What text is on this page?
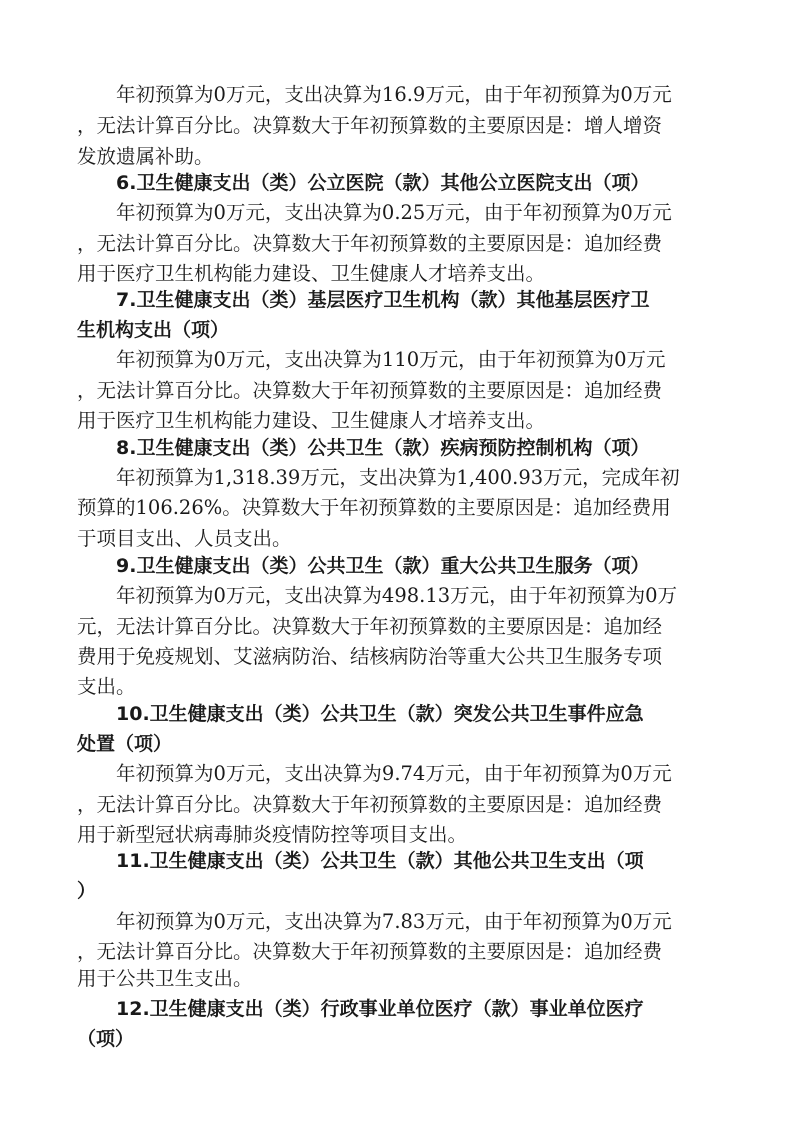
年初预算为0万元，支出决算为16.9万元，由于年初预算为0万元
，无法计算百分比。决算数大于年初预算数的主要原因是：增人增资
发放遗属补助。
6.卫生健康支出（类）公立医院（款）其他公立医院支出（项）
年初预算为0万元，支出决算为0.25万元，由于年初预算为0万元
，无法计算百分比。决算数大于年初预算数的主要原因是：追加经费
用于医疗卫生机构能力建设、卫生健康人才培养支出。
7.卫生健康支出（类）基层医疗卫生机构（款）其他基层医疗卫
生机构支出（项）
年初预算为0万元，支出决算为110万元，由于年初预算为0万元
，无法计算百分比。决算数大于年初预算数的主要原因是：追加经费
用于医疗卫生机构能力建设、卫生健康人才培养支出。
8.卫生健康支出（类）公共卫生（款）疾病预防控制机构（项）
年初预算为1,318.39万元，支出决算为1,400.93万元，完成年初
预算的106.26%。决算数大于年初预算数的主要原因是：追加经费用
于项目支出、人员支出。
9.卫生健康支出（类）公共卫生（款）重大公共卫生服务（项）
年初预算为0万元，支出决算为498.13万元，由于年初预算为0万
元，无法计算百分比。决算数大于年初预算数的主要原因是：追加经
费用于免疫规划、艾滋病防治、结核病防治等重大公共卫生服务专项
支出。
10.卫生健康支出（类）公共卫生（款）突发公共卫生事件应急
处置（项）
年初预算为0万元，支出决算为9.74万元，由于年初预算为0万元
，无法计算百分比。决算数大于年初预算数的主要原因是：追加经费
用于新型冠状病毒肺炎疫情防控等项目支出。
11.卫生健康支出（类）公共卫生（款）其他公共卫生支出（项
）
年初预算为0万元，支出决算为7.83万元，由于年初预算为0万元
，无法计算百分比。决算数大于年初预算数的主要原因是：追加经费
用于公共卫生支出。
12.卫生健康支出（类）行政事业单位医疗（款）事业单位医疗
（项）
